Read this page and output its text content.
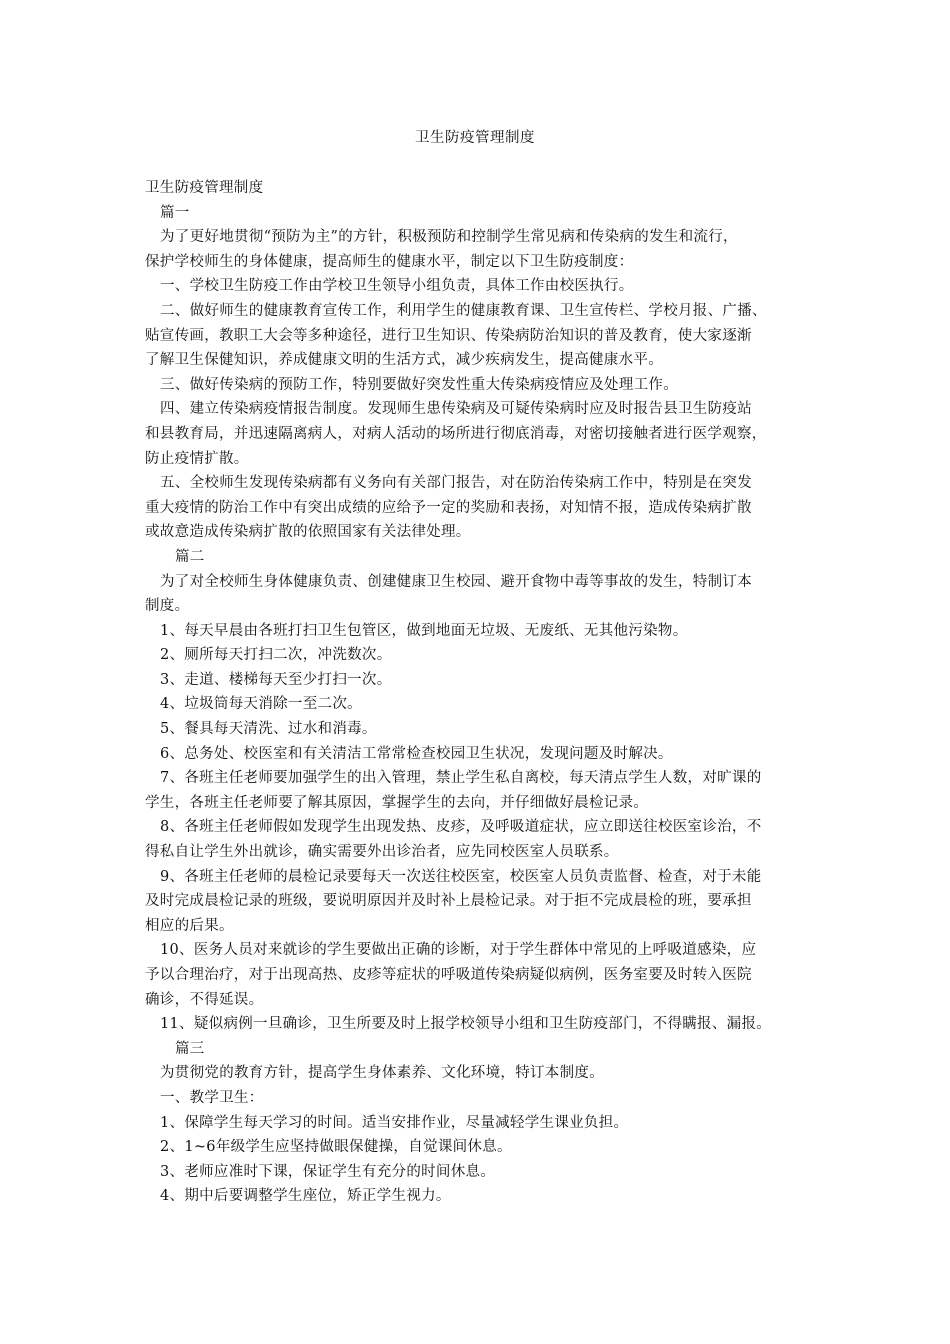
卫生防疫管理制度
卫生防疫管理制度
篇一
为了更好地贯彻“预防为主”的方针，积极预防和控制学生常见病和传染病的发生和流行，
保护学校师生的身体健康，提高师生的健康水平，制定以下卫生防疫制度：
一、学校卫生防疫工作由学校卫生领导小组负责，具体工作由校医执行。
二、做好师生的健康教育宣传工作，利用学生的健康教育课、卫生宣传栏、学校月报、广播、
贴宣传画，教职工大会等多种途径，进行卫生知识、传染病防治知识的普及教育，使大家逐渐
了解卫生保健知识，养成健康文明的生活方式，减少疾病发生，提高健康水平。
三、做好传染病的预防工作，特别要做好突发性重大传染病疫情应及处理工作。
四、建立传染病疫情报告制度。发现师生患传染病及可疑传染病时应及时报告县卫生防疫站
和县教育局，并迅速隔离病人，对病人活动的场所进行彻底消毒，对密切接触者进行医学观察，
防止疫情扩散。
五、全校师生发现传染病都有义务向有关部门报告，对在防治传染病工作中，特别是在突发
重大疫情的防治工作中有突出成绩的应给予一定的奖励和表扬，对知情不报，造成传染病扩散
或故意造成传染病扩散的依照国家有关法律处理。
篇二
为了对全校师生身体健康负责、创建健康卫生校园、避开食物中毒等事故的发生，特制订本
制度。
1、每天早晨由各班打扫卫生包管区，做到地面无垃圾、无废纸、无其他污染物。
2、厕所每天打扫二次，冲洗数次。
3、走道、楼梯每天至少打扫一次。
4、垃圾筒每天消除一至二次。
5、餐具每天清洗、过水和消毒。
6、总务处、校医室和有关清洁工常常检查校园卫生状况，发现问题及时解决。
7、各班主任老师要加强学生的出入管理，禁止学生私自离校，每天清点学生人数，对旷课的
学生，各班主任老师要了解其原因，掌握学生的去向，并仔细做好晨检记录。
8、各班主任老师假如发现学生出现发热、皮疹，及呼吸道症状，应立即送往校医室诊治，不
得私自让学生外出就诊，确实需要外出诊治者，应先同校医室人员联系。
9、各班主任老师的晨检记录要每天一次送往校医室，校医室人员负责监督、检查，对于未能
及时完成晨检记录的班级，要说明原因并及时补上晨检记录。对于拒不完成晨检的班，要承担
相应的后果。
10、医务人员对来就诊的学生要做出正确的诊断，对于学生群体中常见的上呼吸道感染，应
予以合理治疗，对于出现高热、皮疹等症状的呼吸道传染病疑似病例，医务室要及时转入医院
确诊，不得延误。
11、疑似病例一旦确诊，卫生所要及时上报学校领导小组和卫生防疫部门，不得瞒报、漏报。
篇三
为贯彻党的教育方针，提高学生身体素养、文化环境，特订本制度。
一、教学卫生：
1、保障学生每天学习的时间。适当安排作业，尽量减轻学生课业负担。
2、1~6年级学生应坚持做眼保健操，自觉课间休息。
3、老师应准时下课，保证学生有充分的时间休息。
4、期中后要调整学生座位，矫正学生视力。
